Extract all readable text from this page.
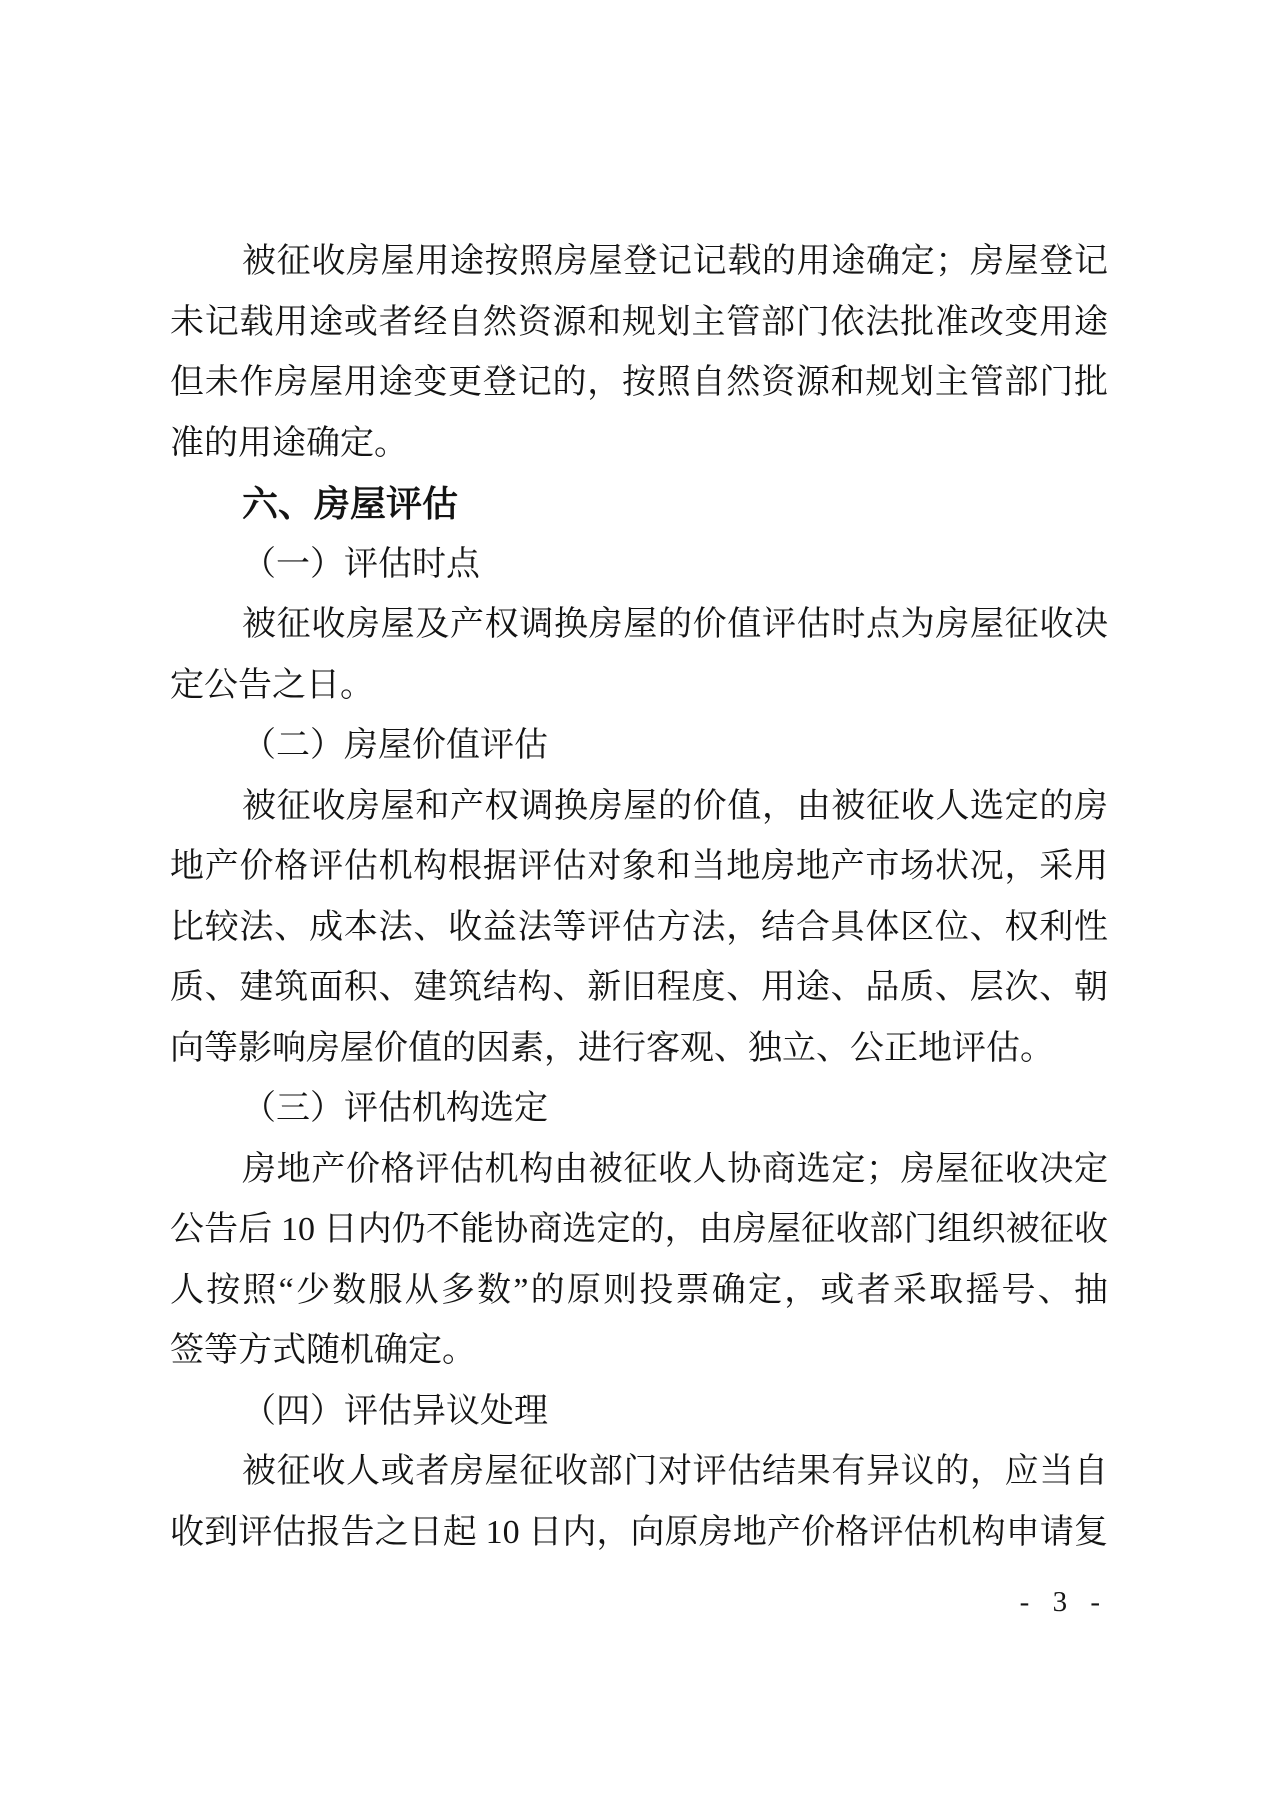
被征收房屋用途按照房屋登记记载的用途确定；房屋登记
未记载用途或者经自然资源和规划主管部门依法批准改变用途
但未作房屋用途变更登记的，按照自然资源和规划主管部门批
准的用途确定。
六、房屋评估
（一）评估时点
被征收房屋及产权调换房屋的价值评估时点为房屋征收决
定公告之日。
（二）房屋价值评估
被征收房屋和产权调换房屋的价值，由被征收人选定的房
地产价格评估机构根据评估对象和当地房地产市场状况，采用
比较法、成本法、收益法等评估方法，结合具体区位、权利性
质、建筑面积、建筑结构、新旧程度、用途、品质、层次、朝
向等影响房屋价值的因素，进行客观、独立、公正地评估。
（三）评估机构选定
房地产价格评估机构由被征收人协商选定；房屋征收决定
公告后 10 日内仍不能协商选定的，由房屋征收部门组织被征收
人按照“少数服从多数”的原则投票确定，或者采取摇号、抽
签等方式随机确定。
（四）评估异议处理
被征收人或者房屋征收部门对评估结果有异议的，应当自
收到评估报告之日起 10 日内，向原房地产价格评估机构申请复
- 3 -
